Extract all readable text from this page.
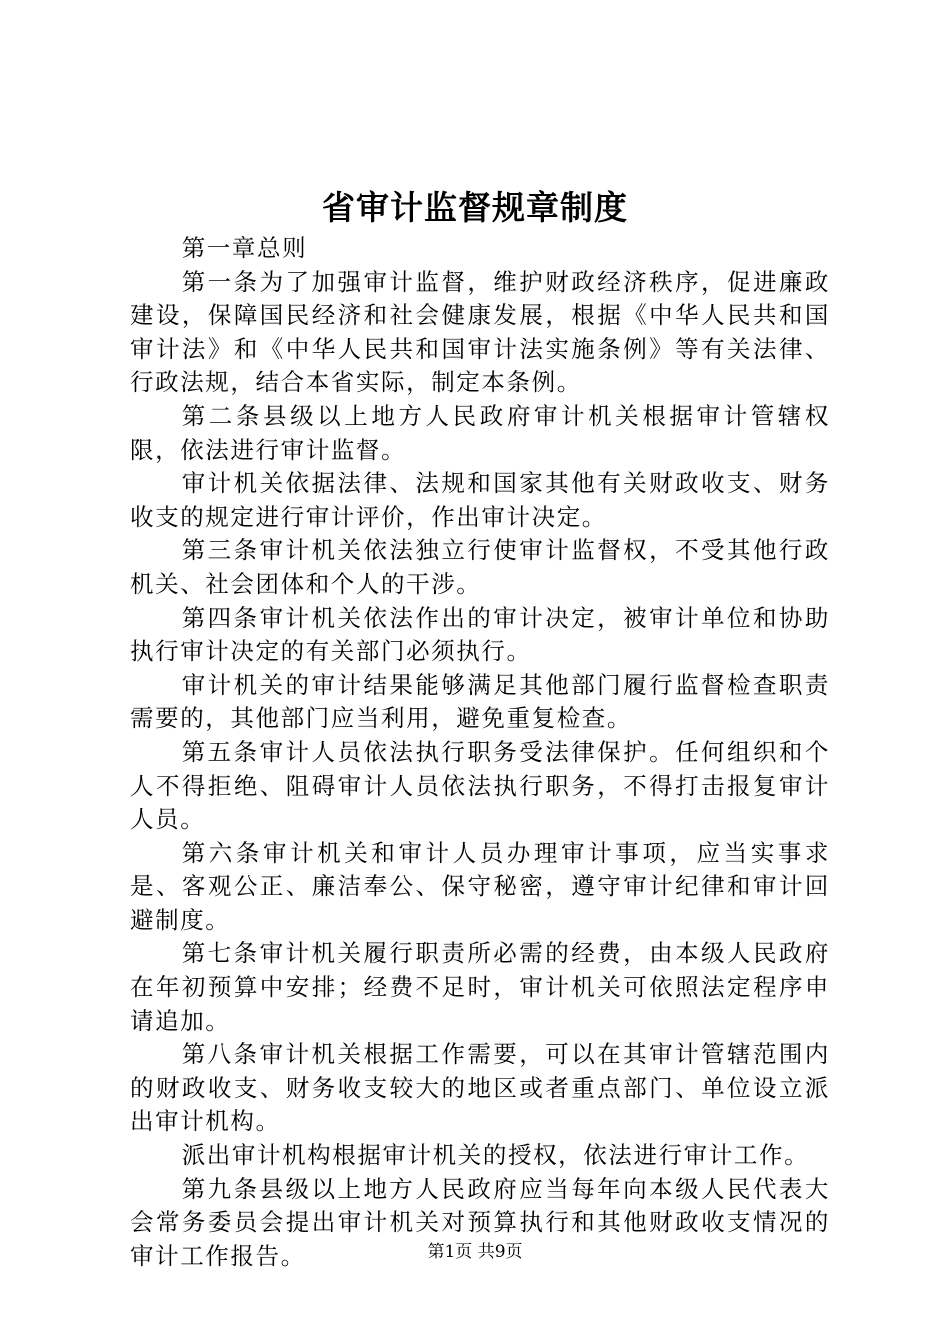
省审计监督规章制度

第一章总则

第一条为了加强审计监督，维护财政经济秩序，促进廉政建设，保障国民经济和社会健康发展，根据《中华人民共和国审计法》和《中华人民共和国审计法实施条例》等有关法律、行政法规，结合本省实际，制定本条例。

第二条县级以上地方人民政府审计机关根据审计管辖权限，依法进行审计监督。

审计机关依据法律、法规和国家其他有关财政收支、财务收支的规定进行审计评价，作出审计决定。

第三条审计机关依法独立行使审计监督权，不受其他行政机关、社会团体和个人的干涉。

第四条审计机关依法作出的审计决定，被审计单位和协助执行审计决定的有关部门必须执行。

审计机关的审计结果能够满足其他部门履行监督检查职责需要的，其他部门应当利用，避免重复检查。

第五条审计人员依法执行职务受法律保护。任何组织和个人不得拒绝、阻碍审计人员依法执行职务，不得打击报复审计人员。

第六条审计机关和审计人员办理审计事项，应当实事求是、客观公正、廉洁奉公、保守秘密，遵守审计纪律和审计回避制度。

第七条审计机关履行职责所必需的经费，由本级人民政府在年初预算中安排；经费不足时，审计机关可依照法定程序申请追加。

第八条审计机关根据工作需要，可以在其审计管辖范围内的财政收支、财务收支较大的地区或者重点部门、单位设立派出审计机构。

派出审计机构根据审计机关的授权，依法进行审计工作。

第九条县级以上地方人民政府应当每年向本级人民代表大会常务委员会提出审计机关对预算执行和其他财政收支情况的审计工作报告。	第1页 共9页
